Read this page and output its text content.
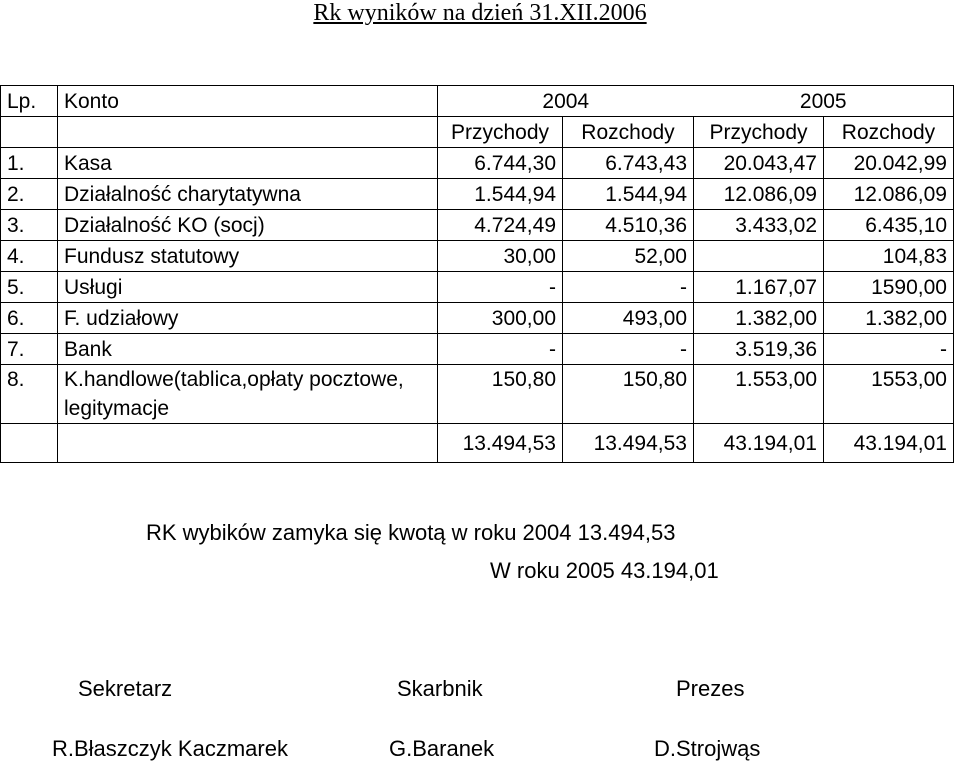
Rk wyników na dzień 31.XII.2006
Lp.	Konto	2004 2005			

		Przychody	Rozchody	Przychody	Rozchody
1.	Kasa	6.744,30	6.743,43	20.043,47	20.042,99
2.	Działalność charytatywna	1.544,94	1.544,94	12.086,09	12.086,09
3.	Działalność KO (socj)	4.724,49	4.510,36	3.433,02	6.435,10
4.	Fundusz statutowy	30,00	52,00		104,83
5.	Usługi	-	-	1.167,07	1590,00
6.	F. udziałowy	300,00	493,00	1.382,00	1.382,00
7.	Bank	-	-	3.519,36	-
8.	K.handlowe(tablica,opłaty pocztowe, legitymacje	150,80	150,80	1.553,00	1553,00
		13.494,53	13.494,53	43.194,01	43.194,01
RK wybików zamyka się kwotą w roku 2004 13.494,53
W roku 2005 43.194,01
Sekretarz	Skarbnik	Prezes
R.Błaszczyk Kaczmarek	G.Baranek	D.Strojwąs
